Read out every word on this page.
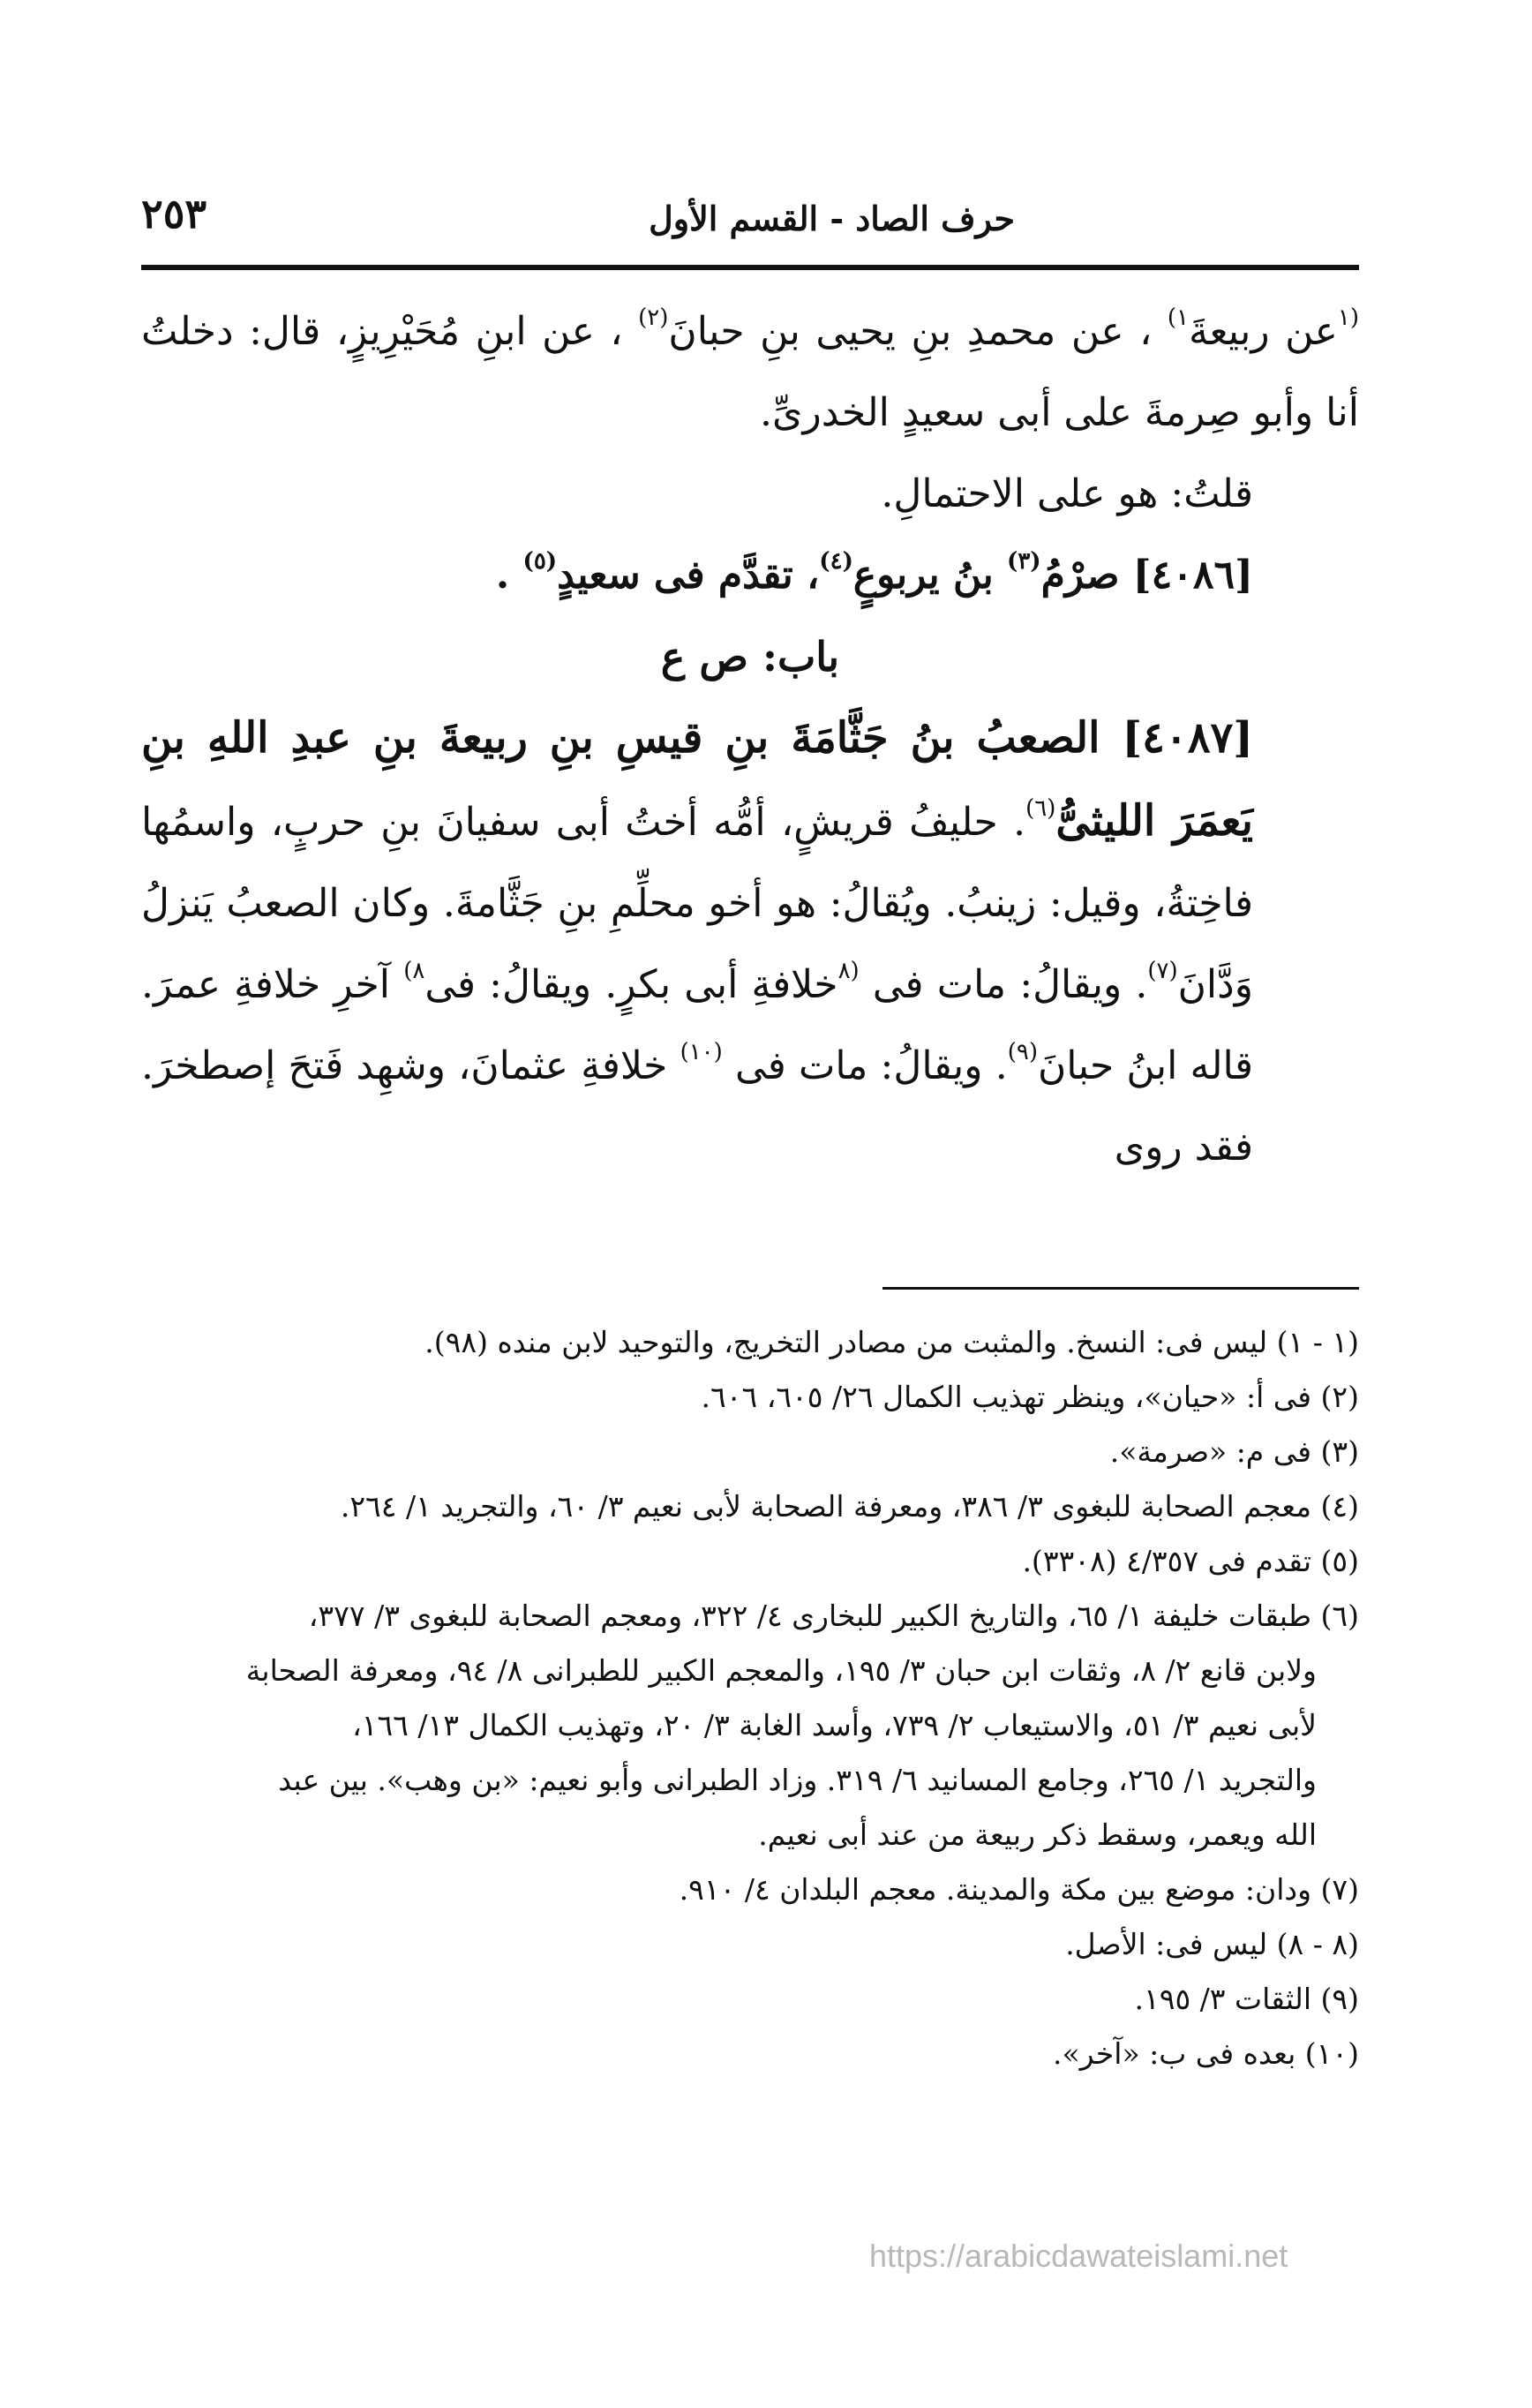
حرف الصاد - القسم الأول
٢٥٣

$^{(١}$عن ربيعةَ$^{١)}$ ، عن محمدِ بنِ يحيى بنِ حبانَ$^{(٢)}$ ، عن ابنِ مُحَيْرِيزٍ، قال: دخلتُ أنا وأبو صِرمةَ على أبى سعيدٍ الخدرىِّ.

قلتُ: هو على الاحتمالِ.

[٤٠٨٦] صرْمُ$^{(٣)}$ بنُ يربوعٍ$^{(٤)}$، تقدَّم فى سعيدٍ$^{(٥)}$ .

باب: ص ع

[٤٠٨٧] الصعبُ بنُ جَثَّامَةَ بنِ قيسِ بنِ ربيعةَ بنِ عبدِ اللهِ بنِ يَعمَرَ الليثىُّ$^{(٦)}$. حليفُ قريشٍ، أمُّه أختُ أبى سفيانَ بنِ حربٍ، واسمُها فاخِتةُ، وقيل: زينبُ. ويُقالُ: هو أخو محلِّمِ بنِ جَثَّامةَ. وكان الصعبُ يَنزلُ وَدَّانَ$^{(٧)}$. ويقالُ: مات فى $^{(٨}$خلافةِ أبى بكرٍ. ويقالُ: فى$^{٨)}$ آخرِ خلافةِ عمرَ. قاله ابنُ حبانَ$^{(٩)}$. ويقالُ: مات فى $^{(١٠)}$ خلافةِ عثمانَ، وشهِد فَتحَ إصطخرَ. فقد روى

(١ - ١) ليس فى: النسخ. والمثبت من مصادر التخريج، والتوحيد لابن منده (٩٨).

(٢) فى أ: «حيان»، وينظر تهذيب الكمال ٢٦/ ٦٠٥، ٦٠٦.

(٣) فى م: «صرمة».

(٤) معجم الصحابة للبغوى ٣/ ٣٨٦، ومعرفة الصحابة لأبى نعيم ٣/ ٦٠، والتجريد ١/ ٢٦٤.

(٥) تقدم فى ٤/٣٥٧ (٣٣٠٨).

(٦) طبقات خليفة ١/ ٦٥، والتاريخ الكبير للبخارى ٤/ ٣٢٢، ومعجم الصحابة للبغوى ٣/ ٣٧٧،

ولابن قانع ٢/ ٨، وثقات ابن حبان ٣/ ١٩٥، والمعجم الكبير للطبرانى ٨/ ٩٤، ومعرفة الصحابة

لأبى نعيم ٣/ ٥١، والاستيعاب ٢/ ٧٣٩، وأسد الغابة ٣/ ٢٠، وتهذيب الكمال ١٣/ ١٦٦،

والتجريد ١/ ٢٦٥، وجامع المسانيد ٦/ ٣١٩. وزاد الطبرانى وأبو نعيم: «بن وهب». بين عبد

الله ويعمر، وسقط ذكر ربيعة من عند أبى نعيم.

(٧) ودان: موضع بين مكة والمدينة. معجم البلدان ٤/ ٩١٠.

(٨ - ٨) ليس فى: الأصل.

(٩) الثقات ٣/ ١٩٥.

(١٠) بعده فى ب: «آخر».

https://arabicdawateislami.net
